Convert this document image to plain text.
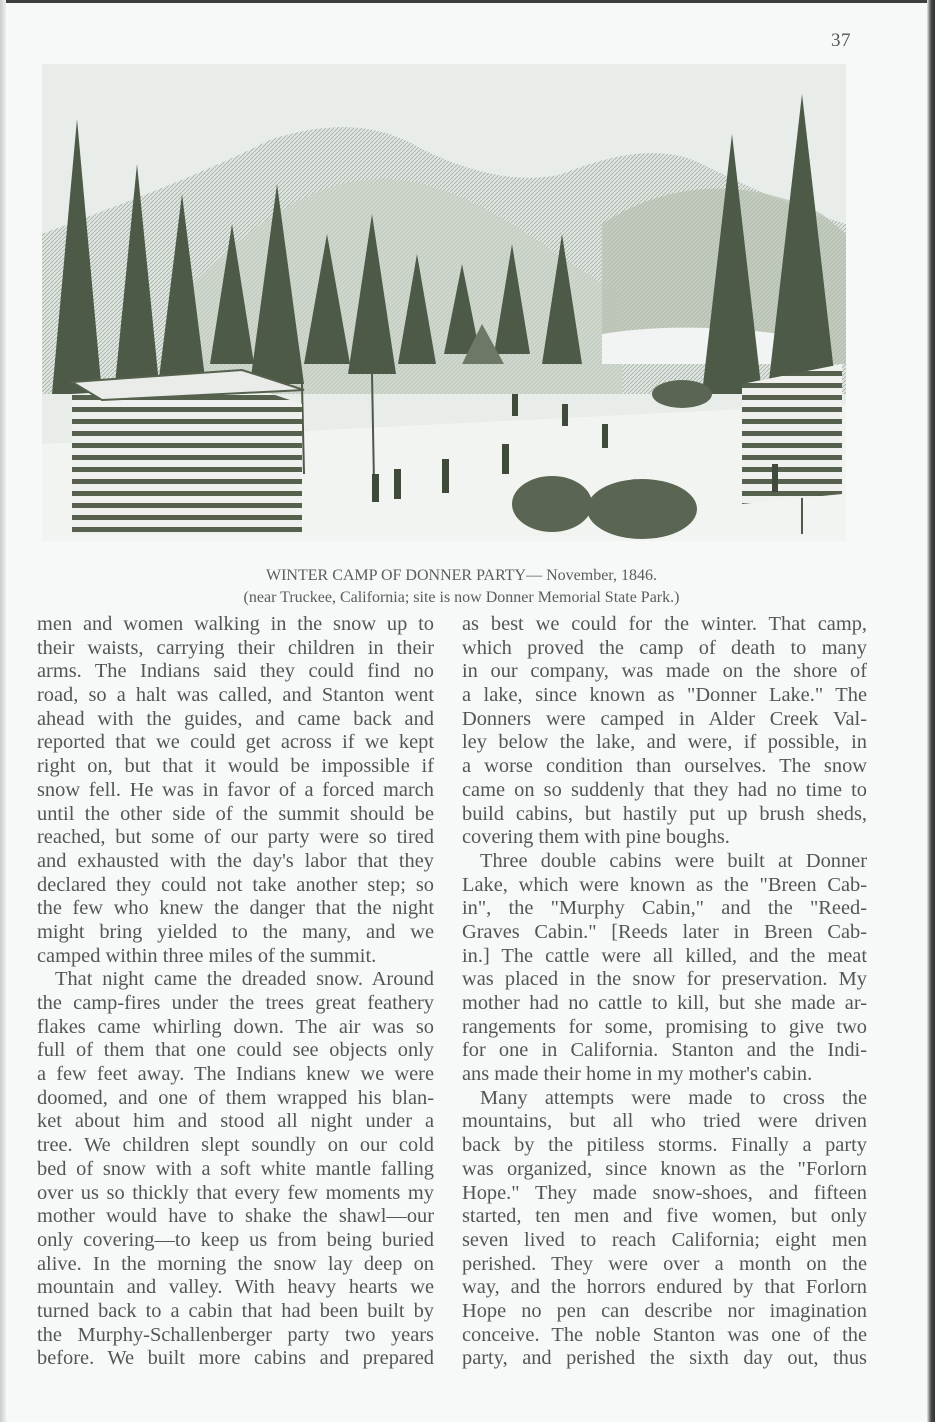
37
WINTER CAMP OF DONNER PARTY— November, 1846.
(near Truckee, California; site is now Donner Memorial State Park.)
men and women walking in the snow up to
their waists, carrying their children in their
arms. The Indians said they could find no
road, so a halt was called, and Stanton went
ahead with the guides, and came back and
reported that we could get across if we kept
right on, but that it would be impossible if
snow fell. He was in favor of a forced march
until the other side of the summit should be
reached, but some of our party were so tired
and exhausted with the day's labor that they
declared they could not take another step; so
the few who knew the danger that the night
might bring yielded to the many, and we
camped within three miles of the summit.
That night came the dreaded snow. Around
the camp-fires under the trees great feathery
flakes came whirling down. The air was so
full of them that one could see objects only
a few feet away. The Indians knew we were
doomed, and one of them wrapped his blan-
ket about him and stood all night under a
tree. We children slept soundly on our cold
bed of snow with a soft white mantle falling
over us so thickly that every few moments my
mother would have to shake the shawl—our
only covering—to keep us from being buried
alive. In the morning the snow lay deep on
mountain and valley. With heavy hearts we
turned back to a cabin that had been built by
the Murphy-Schallenberger party two years
before. We built more cabins and prepared
as best we could for the winter. That camp,
which proved the camp of death to many
in our company, was made on the shore of
a lake, since known as "Donner Lake." The
Donners were camped in Alder Creek Val-
ley below the lake, and were, if possible, in
a worse condition than ourselves. The snow
came on so suddenly that they had no time to
build cabins, but hastily put up brush sheds,
covering them with pine boughs.
Three double cabins were built at Donner
Lake, which were known as the "Breen Cab-
in", the "Murphy Cabin," and the "Reed-
Graves Cabin." [Reeds later in Breen Cab-
in.] The cattle were all killed, and the meat
was placed in the snow for preservation. My
mother had no cattle to kill, but she made ar-
rangements for some, promising to give two
for one in California. Stanton and the Indi-
ans made their home in my mother's cabin.
Many attempts were made to cross the
mountains, but all who tried were driven
back by the pitiless storms. Finally a party
was organized, since known as the "Forlorn
Hope." They made snow-shoes, and fifteen
started, ten men and five women, but only
seven lived to reach California; eight men
perished. They were over a month on the
way, and the horrors endured by that Forlorn
Hope no pen can describe nor imagination
conceive. The noble Stanton was one of the
party, and perished the sixth day out, thus
